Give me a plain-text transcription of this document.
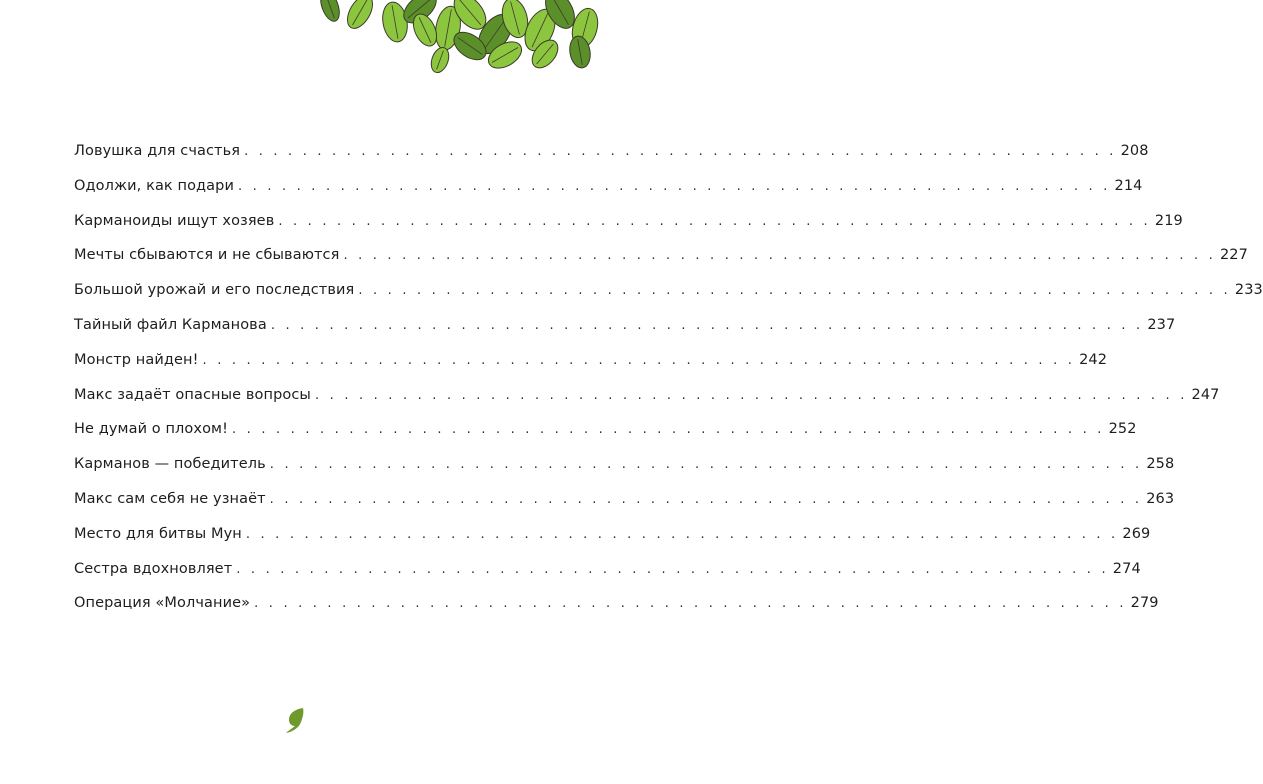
Ловушка для счастья . . . . . . . . . . . . . . . . . . . . . . . . . . . . . . . . . . . . . . . . . . . . . . . . . . . . . . . . . . . . 208
Одолжи, как подари . . . . . . . . . . . . . . . . . . . . . . . . . . . . . . . . . . . . . . . . . . . . . . . . . . . . . . . . . . . . 214
Карманоиды ищут хозяев . . . . . . . . . . . . . . . . . . . . . . . . . . . . . . . . . . . . . . . . . . . . . . . . . . . . . . . . . . . . 219
Мечты сбываются и не сбываются . . . . . . . . . . . . . . . . . . . . . . . . . . . . . . . . . . . . . . . . . . . . . . . . . . . . . . . . . . . . 227
Большой урожай и его последствия . . . . . . . . . . . . . . . . . . . . . . . . . . . . . . . . . . . . . . . . . . . . . . . . . . . . . . . . . . . . 233
Тайный файл Карманова . . . . . . . . . . . . . . . . . . . . . . . . . . . . . . . . . . . . . . . . . . . . . . . . . . . . . . . . . . . . 237
Монстр найден! . . . . . . . . . . . . . . . . . . . . . . . . . . . . . . . . . . . . . . . . . . . . . . . . . . . . . . . . . . . . 242
Макс задаёт опасные вопросы . . . . . . . . . . . . . . . . . . . . . . . . . . . . . . . . . . . . . . . . . . . . . . . . . . . . . . . . . . . . 247
Не думай о плохом! . . . . . . . . . . . . . . . . . . . . . . . . . . . . . . . . . . . . . . . . . . . . . . . . . . . . . . . . . . . . 252
Карманов — победитель . . . . . . . . . . . . . . . . . . . . . . . . . . . . . . . . . . . . . . . . . . . . . . . . . . . . . . . . . . . . 258
Макс сам себя не узнаёт . . . . . . . . . . . . . . . . . . . . . . . . . . . . . . . . . . . . . . . . . . . . . . . . . . . . . . . . . . . . 263
Место для битвы Мун . . . . . . . . . . . . . . . . . . . . . . . . . . . . . . . . . . . . . . . . . . . . . . . . . . . . . . . . . . . . 269
Сестра вдохновляет . . . . . . . . . . . . . . . . . . . . . . . . . . . . . . . . . . . . . . . . . . . . . . . . . . . . . . . . . . . . 274
Операция «Молчание» . . . . . . . . . . . . . . . . . . . . . . . . . . . . . . . . . . . . . . . . . . . . . . . . . . . . . . . . . . . . 279
